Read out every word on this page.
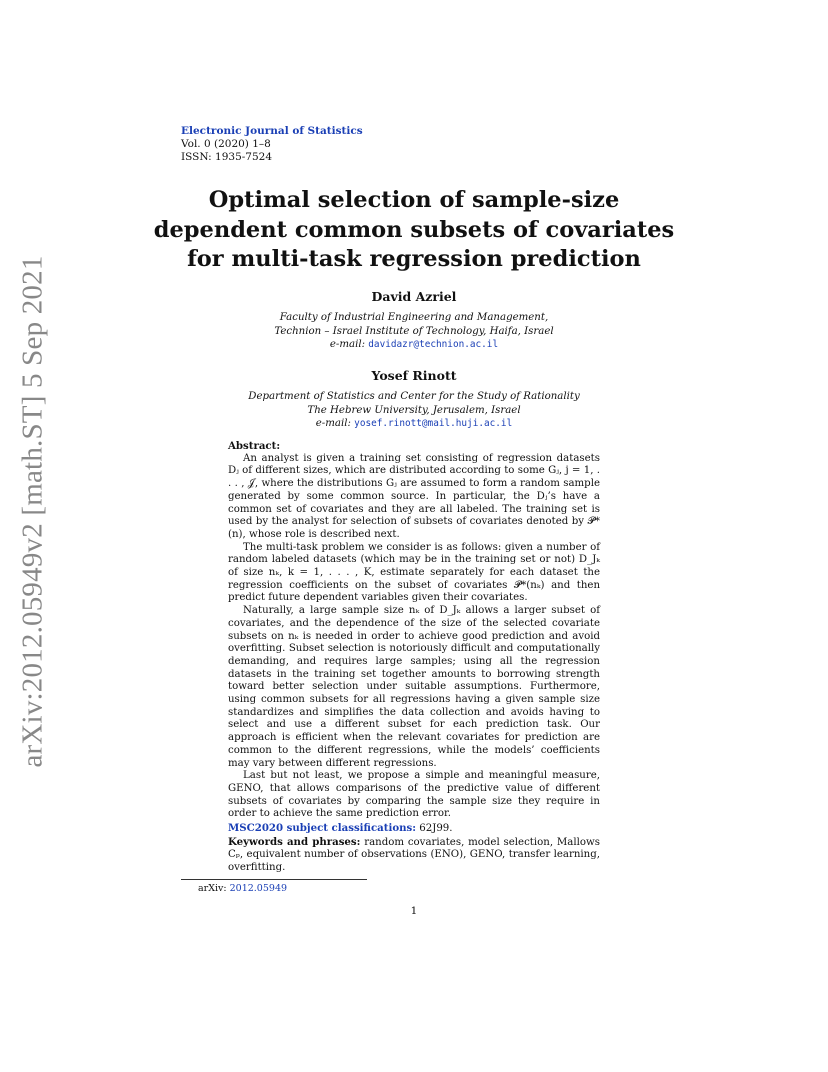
arXiv:2012.05949v2 [math.ST] 5 Sep 2021
Electronic Journal of Statistics
Vol. 0 (2020) 1–8
ISSN: 1935-7524
Optimal selection of sample-size
dependent common subsets of covariates
for multi-task regression prediction
David Azriel
Faculty of Industrial Engineering and Management,
Technion – Israel Institute of Technology, Haifa, Israel
e-mail: davidazr@technion.ac.il
Yosef Rinott
Department of Statistics and Center for the Study of Rationality
The Hebrew University, Jerusalem, Israel
e-mail: yosef.rinott@mail.huji.ac.il
Abstract:

An analyst is given a training set consisting of regression datasets Dⱼ of different sizes, which are distributed according to some Gⱼ, j = 1, . . . , 𝒥, where the distributions Gⱼ are assumed to form a random sample generated by some common source. In particular, the Dⱼ’s have a common set of covariates and they are all labeled. The training set is used by the analyst for selection of subsets of covariates denoted by 𝓟*(n), whose role is described next.

The multi-task problem we consider is as follows: given a number of random labeled datasets (which may be in the training set or not) D_Jₖ of size nₖ, k = 1, . . . , K, estimate separately for each dataset the regression coefficients on the subset of covariates 𝓟*(nₖ) and then predict future dependent variables given their covariates.

Naturally, a large sample size nₖ of D_Jₖ allows a larger subset of covariates, and the dependence of the size of the selected covariate subsets on nₖ is needed in order to achieve good prediction and avoid overfitting. Subset selection is notoriously difficult and computationally demanding, and requires large samples; using all the regression datasets in the training set together amounts to borrowing strength toward better selection under suitable assumptions. Furthermore, using common subsets for all regressions having a given sample size standardizes and simplifies the data collection and avoids having to select and use a different subset for each prediction task. Our approach is efficient when the relevant covariates for prediction are common to the different regressions, while the models’ coefficients may vary between different regressions.

Last but not least, we propose a simple and meaningful measure, GENO, that allows comparisons of the predictive value of different subsets of covariates by comparing the sample size they require in order to achieve the same prediction error.

MSC2020 subject classifications: 62J99.
Keywords and phrases: random covariates, model selection, Mallows Cₚ, equivalent number of observations (ENO), GENO, transfer learning, overfitting.
arXiv: 2012.05949
1
